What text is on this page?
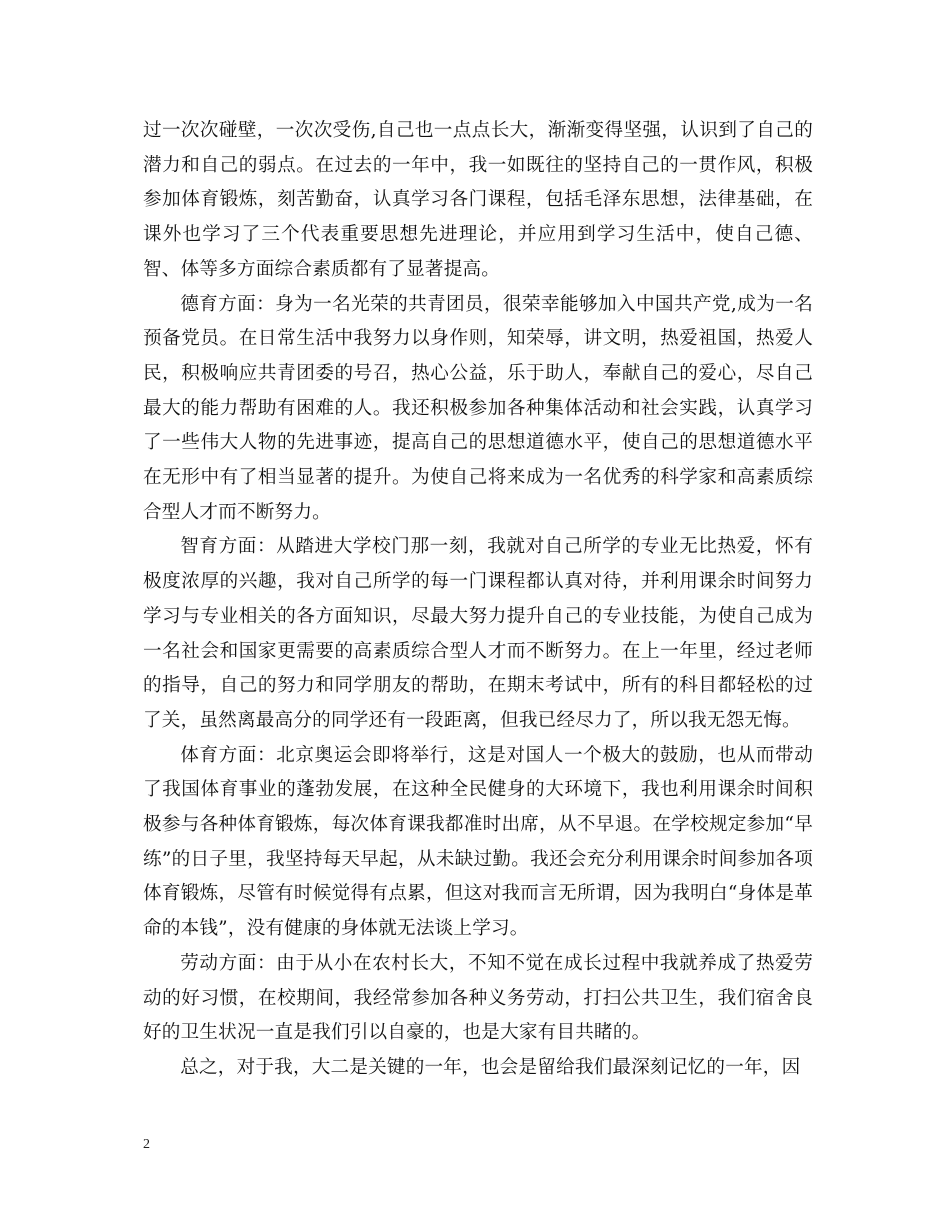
过一次次碰壁，一次次受伤,自己也一点点长大，渐渐变得坚强，认识到了自己的潜力和自己的弱点。在过去的一年中，我一如既往的坚持自己的一贯作风，积极参加体育锻炼，刻苦勤奋，认真学习各门课程，包括毛泽东思想，法律基础，在课外也学习了三个代表重要思想先进理论，并应用到学习生活中，使自己德、智、体等多方面综合素质都有了显著提高。

德育方面：身为一名光荣的共青团员，很荣幸能够加入中国共产党,成为一名预备党员。在日常生活中我努力以身作则，知荣辱，讲文明，热爱祖国，热爱人民，积极响应共青团委的号召，热心公益，乐于助人，奉献自己的爱心，尽自己最大的能力帮助有困难的人。我还积极参加各种集体活动和社会实践，认真学习了一些伟大人物的先进事迹，提高自己的思想道德水平，使自己的思想道德水平在无形中有了相当显著的提升。为使自己将来成为一名优秀的科学家和高素质综合型人才而不断努力。

智育方面：从踏进大学校门那一刻，我就对自己所学的专业无比热爱，怀有极度浓厚的兴趣，我对自己所学的每一门课程都认真对待，并利用课余时间努力学习与专业相关的各方面知识，尽最大努力提升自己的专业技能，为使自己成为一名社会和国家更需要的高素质综合型人才而不断努力。在上一年里，经过老师的指导，自己的努力和同学朋友的帮助，在期末考试中，所有的科目都轻松的过了关，虽然离最高分的同学还有一段距离，但我已经尽力了，所以我无怨无悔。

体育方面：北京奥运会即将举行，这是对国人一个极大的鼓励，也从而带动了我国体育事业的蓬勃发展，在这种全民健身的大环境下，我也利用课余时间积极参与各种体育锻炼，每次体育课我都准时出席，从不早退。在学校规定参加“早练”的日子里，我坚持每天早起，从未缺过勤。我还会充分利用课余时间参加各项体育锻炼，尽管有时候觉得有点累，但这对我而言无所谓，因为我明白“身体是革命的本钱”，没有健康的身体就无法谈上学习。

劳动方面：由于从小在农村长大，不知不觉在成长过程中我就养成了热爱劳动的好习惯，在校期间，我经常参加各种义务劳动，打扫公共卫生，我们宿舍良好的卫生状况一直是我们引以自豪的，也是大家有目共睹的。

总之，对于我，大二是关键的一年，也会是留给我们最深刻记忆的一年，因

2
